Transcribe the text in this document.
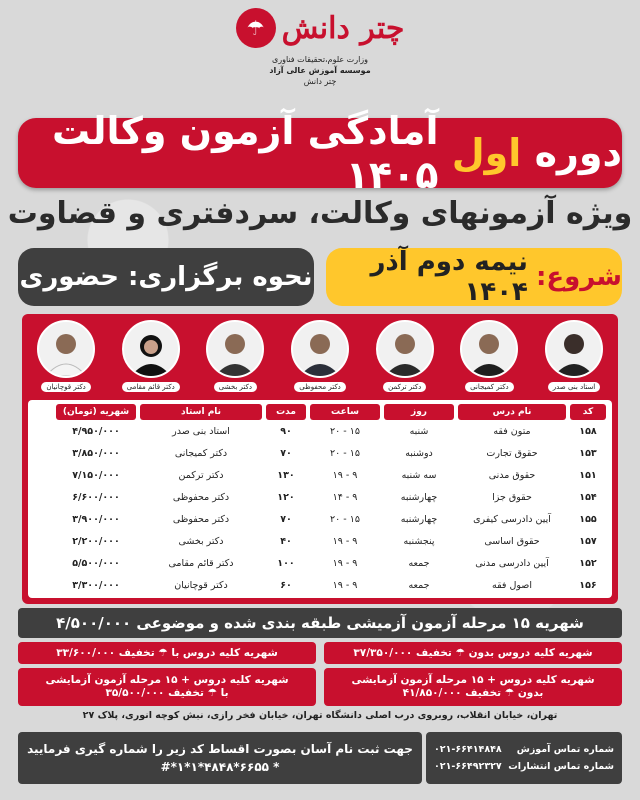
☂ چتر دانش
وزارت علوم،تحقیقات فناوری
موسسه آموزش عالی آزاد
چتر دانش
دوره

اول

آمادگی آزمون وکالت ۱۴۰۵
ویژه آزمونهای وکالت، سردفتری و قضاوت
شروع:
نیمه دوم آذر ۱۴۰۴
نحوه برگزاری: حضوری
استاد بنی صدر
دکتر کمیجانی
دکتر ترکمن
دکتر محفوظی
دکتر بخشی
دکتر قائم مقامی
دکتر قوچانیان
کد
نام درس
روز
ساعت
مدت
نام استاد
شهریه (تومان)
۱۵۸
متون فقه
شنبه
۱۵ - ۲۰
۹۰
استاد بنی صدر
۴/۹۵۰/۰۰۰
۱۵۳
حقوق تجارت
دوشنبه
۱۵ - ۲۰
۷۰
دکتر کمیجانی
۳/۸۵۰/۰۰۰
۱۵۱
حقوق مدنی
سه شنبه
۹ - ۱۹
۱۳۰
دکتر ترکمن
۷/۱۵۰/۰۰۰
۱۵۴
حقوق جزا
چهارشنبه
۹ - ۱۴
۱۲۰
دکتر محفوظی
۶/۶۰۰/۰۰۰
۱۵۵
آیین دادرسی کیفری
چهارشنبه
۱۵ - ۲۰
۷۰
دکتر محفوظی
۳/۹۰۰/۰۰۰
۱۵۷
حقوق اساسی
پنجشنبه
۹ - ۱۹
۴۰
دکتر بخشی
۲/۲۰۰/۰۰۰
۱۵۲
آیین دادرسی مدنی
جمعه
۹ - ۱۹
۱۰۰
دکتر قائم مقامی
۵/۵۰۰/۰۰۰
۱۵۶
اصول فقه
جمعه
۹ - ۱۹
۶۰
دکتر قوچانیان
۳/۳۰۰/۰۰۰
شهریه ۱۵ مرحله آزمون آزمیشی طبقه بندی شده و موضوعی ۴/۵۰۰/۰۰۰
شهریه کلیه دروس بدون ☂ تخفیف ۳۷/۳۵۰/۰۰۰
شهریه کلیه دروس با ☂ تخفیف ۳۳/۶۰۰/۰۰۰
شهریه کلیه دروس + ۱۵ مرحله آزمون آزمایشی
بدون ☂ تخفیف ۴۱/۸۵۰/۰۰۰
شهریه کلیه دروس + ۱۵ مرحله آزمون آزمایشی
با ☂ تخفیف ۳۵/۵۰۰/۰۰۰
تهران، خیابان انقلاب، روبروی درب اصلی دانشگاه تهران، خیابان فخر رازی، نبش کوچه انوری، پلاک ۲۷
شماره تماس آموزش
۰۲۱-۶۶۴۱۴۸۴۸
شماره تماس انتشارات
۰۲۱-۶۶۴۹۲۳۲۷
جهت ثبت نام آسان بصورت اقساط کد زیر را شماره گیری فرمایید
#*۱*۱*۴۸۴۸*۶۶۵۵ *
